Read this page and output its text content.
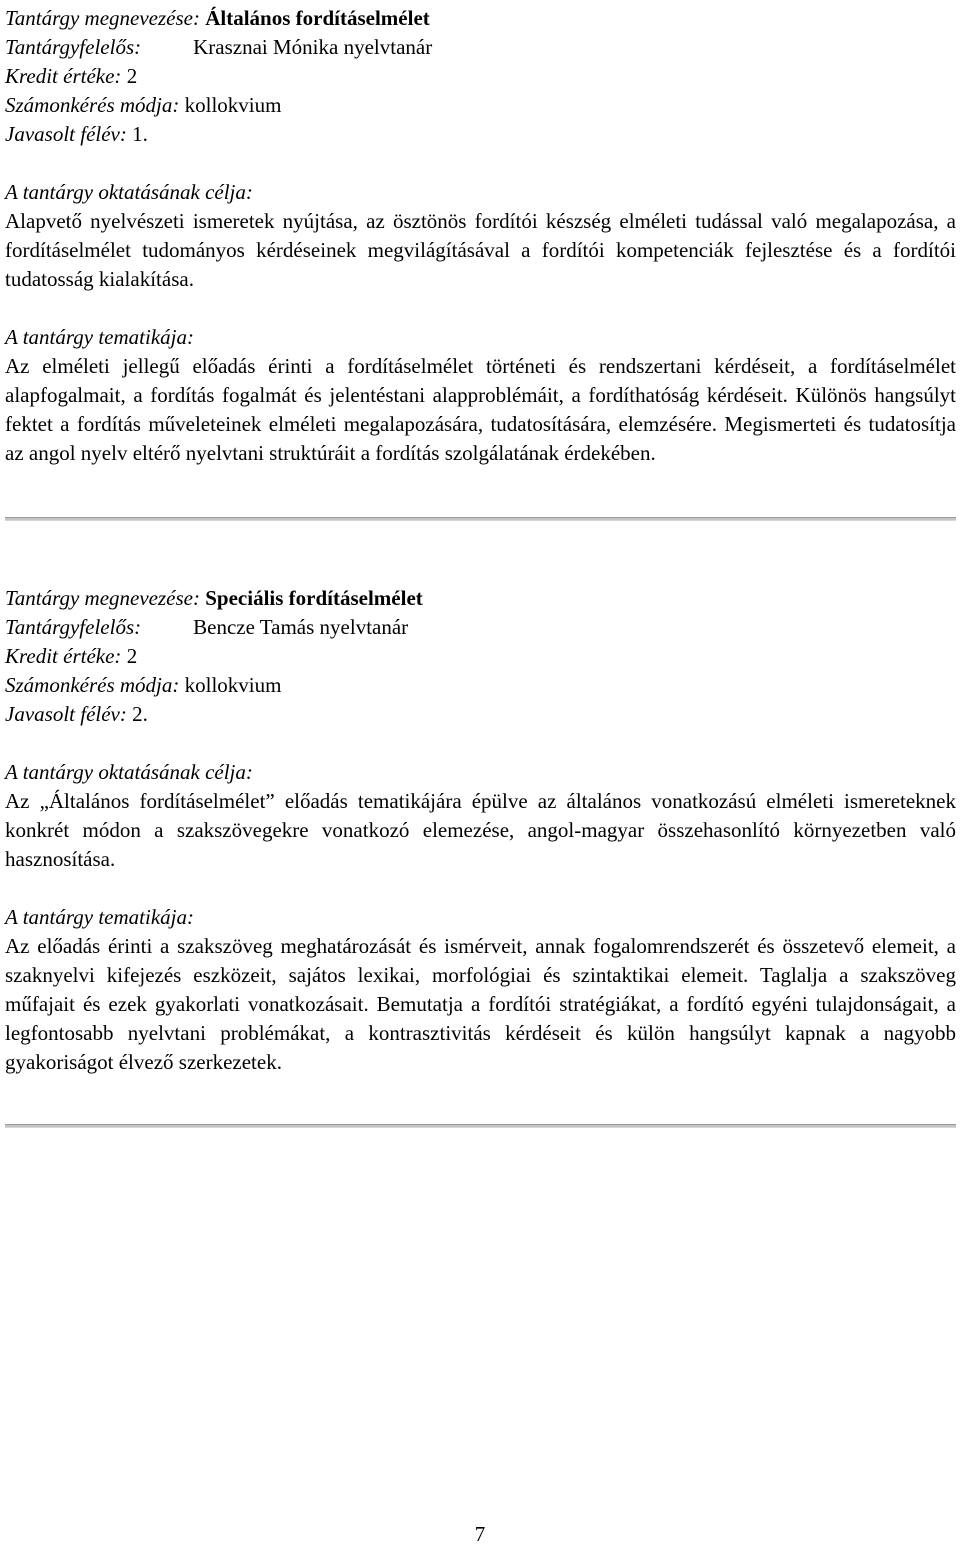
Tantárgy megnevezése: Általános fordításelmélet
Tantárgyfelelős: Krasznai Mónika nyelvtanár
Kredit értéke: 2
Számonkérés módja: kollokvium
Javasolt félév: 1.
A tantárgy oktatásának célja:
Alapvető nyelvészeti ismeretek nyújtása, az ösztönös fordítói készség elméleti tudással való megalapozása, a fordításelmélet tudományos kérdéseinek megvilágításával a fordítói kompetenciák fejlesztése és a fordítói tudatosság kialakítása.
A tantárgy tematikája:
Az elméleti jellegű előadás érinti a fordításelmélet történeti és rendszertani kérdéseit, a fordításelmélet alapfogalmait, a fordítás fogalmát és jelentéstani alapproblémáit, a fordíthatóság kérdéseit. Különös hangsúlyt fektet a fordítás műveleteinek elméleti megalapozására, tudatosítására, elemzésére. Megismerteti és tudatosítja az angol nyelv eltérő nyelvtani struktúráit a fordítás szolgálatának érdekében.
Tantárgy megnevezése: Speciális fordításelmélet
Tantárgyfelelős: Bencze Tamás nyelvtanár
Kredit értéke: 2
Számonkérés módja: kollokvium
Javasolt félév: 2.
A tantárgy oktatásának célja:
Az „Általános fordításelmélet” előadás tematikájára épülve az általános vonatkozású elméleti ismereteknek konkrét módon a szakszövegekre vonatkozó elemezése, angol-magyar összehasonlító környezetben való hasznosítása.
A tantárgy tematikája:
Az előadás érinti a szakszöveg meghatározását és ismérveit, annak fogalomrendszerét és összetevő elemeit, a szaknyelvi kifejezés eszközeit, sajátos lexikai, morfológiai és szintaktikai elemeit. Taglalja a szakszöveg műfajait és ezek gyakorlati vonatkozásait. Bemutatja a fordítói stratégiákat, a fordító egyéni tulajdonságait, a legfontosabb nyelvtani problémákat, a kontrasztivitás kérdéseit és külön hangsúlyt kapnak a nagyobb gyakoriságot élvező szerkezetek.
7
